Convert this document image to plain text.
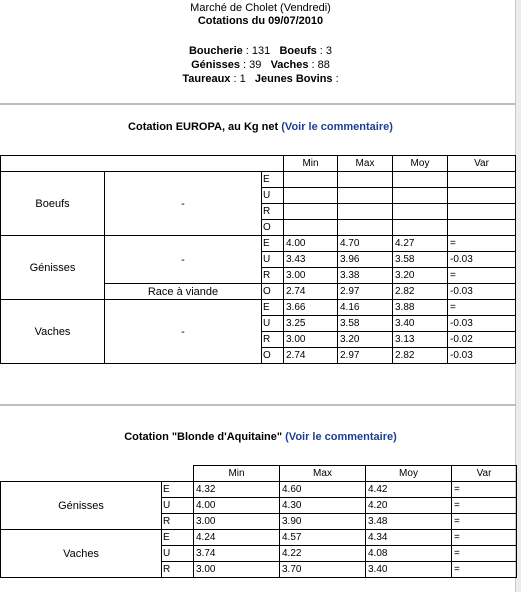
Marché de Cholet (Vendredi)
Cotations du 09/07/2010
Boucherie : 131 Boeufs : 3
Génisses : 39 Vaches : 88
Taureaux : 1 Jeunes Bovins :
Cotation EUROPA, au Kg net (Voir le commentaire)
			Min	Max	Moy	Var
Boeufs	-	E				
		U				
		R				
		O				
Génisses	-	E	4.00	4.70	4.27	=
		U	3.43	3.96	3.58	-0.03
		R	3.00	3.38	3.20	=
	Race à viande	O	2.74	2.97	2.82	-0.03
Vaches	-	E	3.66	4.16	3.88	=
		U	3.25	3.58	3.40	-0.03
		R	3.00	3.20	3.13	-0.02
		O	2.74	2.97	2.82	-0.03
Cotation "Blonde d'Aquitaine" (Voir le commentaire)
		Min	Max	Moy	Var
Génisses	E	4.32	4.60	4.42	=
	U	4.00	4.30	4.20	=
	R	3.00	3.90	3.48	=
Vaches	E	4.24	4.57	4.34	=
	U	3.74	4.22	4.08	=
	R	3.00	3.70	3.40	=
